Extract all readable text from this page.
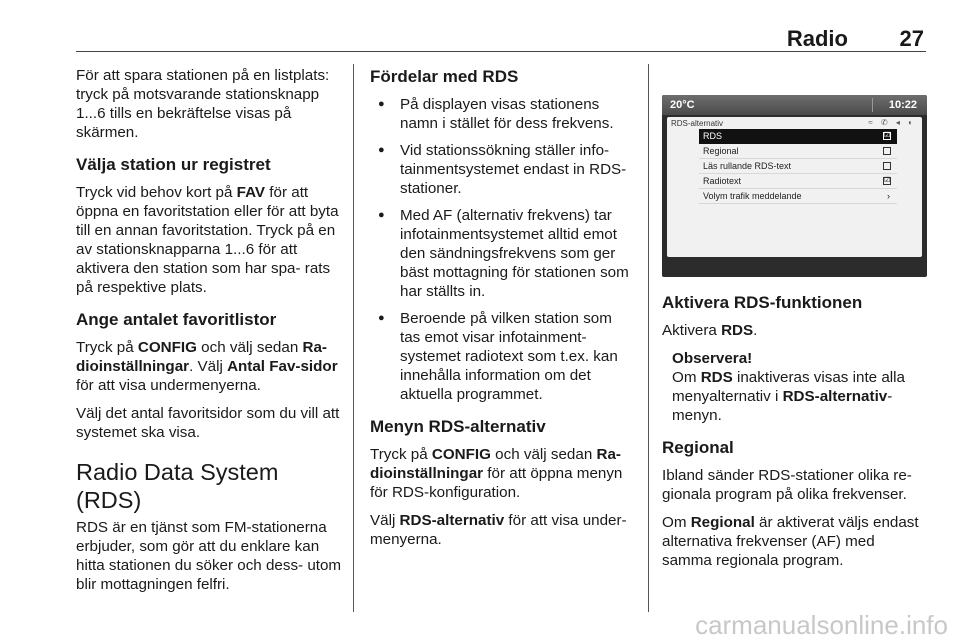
Radio 27

För att spara stationen på en listplats: tryck på motsvarande stationsknapp 1...6 tills en bekräftelse visas på skärmen.

Välja station ur registret

Tryck vid behov kort på FAV för att öppna en favoritstation eller för att byta till en annan favoritstation. Tryck på en av stationsknapparna 1...6 för att aktivera den station som har spa- rats på respektive plats.

Ange antalet favoritlistor

Tryck på CONFIG och välj sedan Ra- dioinställningar. Välj Antal Fav-sidor för att visa undermenyerna.

Välj det antal favoritsidor som du vill att systemet ska visa.

Radio Data System (RDS)

RDS är en tjänst som FM-stationerna erbjuder, som gör att du enklare kan hitta stationen du söker och dess- utom blir mottagningen felfri.

Fördelar med RDS
● På displayen visas stationens namn i stället för dess frekvens.
● Vid stationssökning ställer info- tainmentsystemet endast in RDS-stationer.
● Med AF (alternativ frekvens) tar infotainmentsystemet alltid emot den sändningsfrekvens som ger bäst mottagning för stationen som har ställts in.
● Beroende på vilken station som tas emot visar infotainment- systemet radiotext som t.ex. kan innehålla information om det aktuella programmet.
Menyn RDS-alternativ

Tryck på CONFIG och välj sedan Ra- dioinställningar för att öppna menyn för RDS-konfiguration.

Välj RDS-alternativ för att visa under- menyerna.

20°C	10:22
RDS-alternativ	≈ ✆ ◂ ◐
RDS	☑
Regional
Läs rullande RDS-text
Radiotext	☑
Volym trafik meddelande	›
Aktivera RDS-funktionen

Aktivera RDS.

Observera!
Om RDS inaktiveras visas inte alla menyalternativ i RDS-alternativ- menyn.
Regional

Ibland sänder RDS-stationer olika re- gionala program på olika frekvenser.

Om Regional är aktiverat väljs endast alternativa frekvenser (AF) med samma regionala program.

carmanualsonline.info
